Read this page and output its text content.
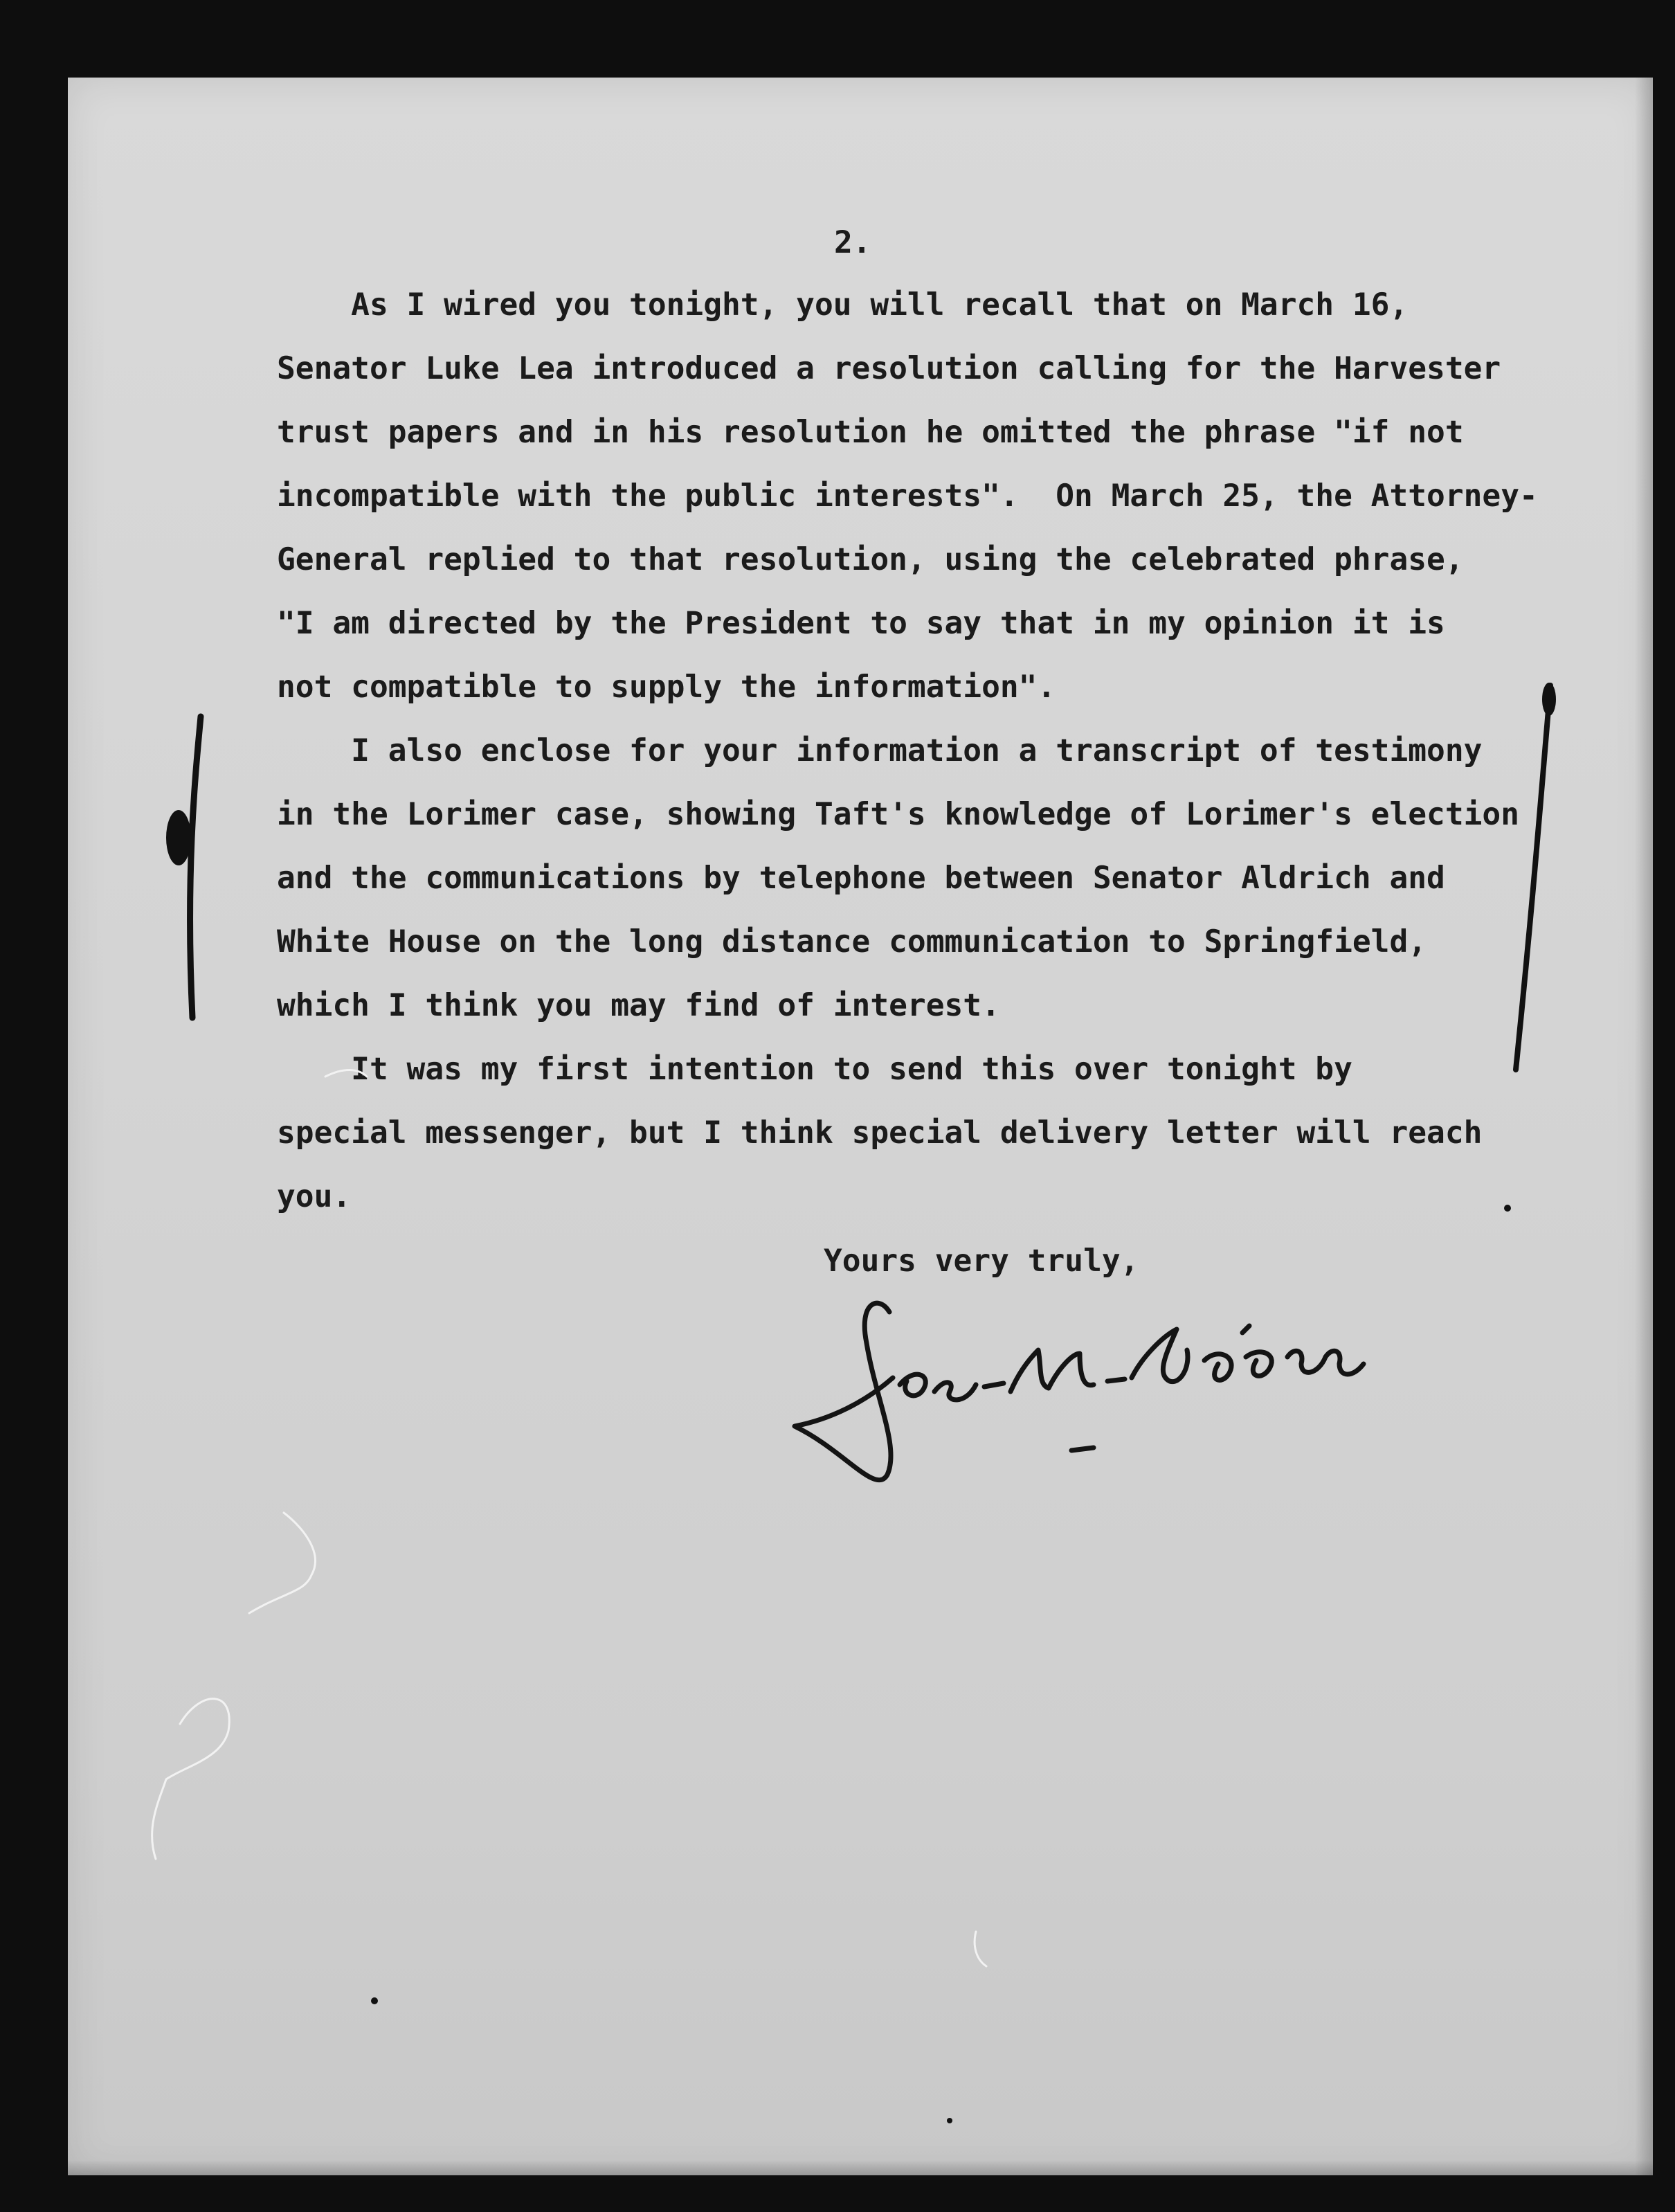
2.
As I wired you tonight, you will recall that on March 16,
Senator Luke Lea introduced a resolution calling for the Harvester
trust papers and in his resolution he omitted the phrase "if not
incompatible with the public interests".  On March 25, the Attorney-
General replied to that resolution, using the celebrated phrase,
"I am directed by the President to say that in my opinion it is
not compatible to supply the information".
I also enclose for your information a transcript of testimony
in the Lorimer case, showing Taft's knowledge of Lorimer's election
and the communications by telephone between Senator Aldrich and
White House on the long distance communication to Springfield,
which I think you may find of interest.
It was my first intention to send this over tonight by
special messenger, but I think special delivery letter will reach
you.
Yours very truly,
